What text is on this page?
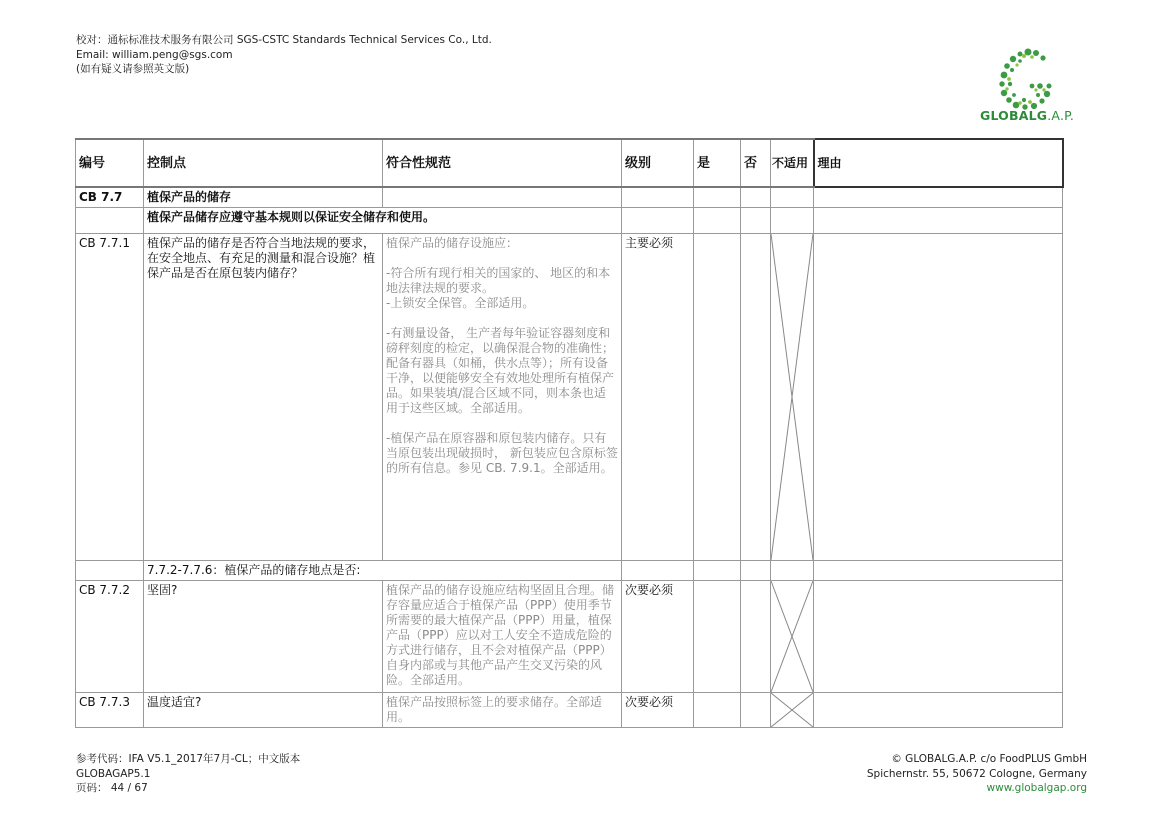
校对：通标标准技术服务有限公司 SGS-CSTC Standards Technical Services Co., Ltd.
Email: william.peng@sgs.com
(如有疑义请参照英文版)
GLOBALG.A.P.
编号	控制点	符合性规范	级别	是	否	不适用	理由
CB 7.7	植保产品的储存						
	植保产品储存应遵守基本规则以保证安全储存和使用。						
CB 7.7.1	植保产品的储存是否符合当地法规的要求，在安全地点、有充足的测量和混合设施？植保产品是否在原包装内储存？	植保产品的储存设施应：
-符合所有现行相关的国家的、 地区的和本地法律法规的要求。
-上锁安全保管。全部适用。
-有测量设备， 生产者每年验证容器刻度和磅秤刻度的检定，以确保混合物的准确性；配备有器具（如桶，供水点等）；所有设备干净，以便能够安全有效地处理所有植保产品。如果装填/混合区域不同，则本条也适用于这些区域。全部适用。
-植保产品在原容器和原包装内储存。只有当原包装出现破损时， 新包装应包含原标签的所有信息。参见 CB. 7.9.1。全部适用。	主要必须			

	7.7.2-7.7.6：植保产品的储存地点是否:						
CB 7.7.2	坚固?	植保产品的储存设施应结构坚固且合理。储存容量应适合于植保产品（PPP）使用季节所需要的最大植保产品（PPP）用量，植保产品（PPP）应以对工人安全不造成危险的方式进行储存，且不会对植保产品（PPP）自身内部或与其他产品产生交叉污染的风险。全部适用。	次要必须			

CB 7.7.3	温度适宜?	植保产品按照标签上的要求储存。全部适用。	次要必须			

参考代码：IFA V5.1_2017年7月-CL；中文版本
GLOBAGAP5.1
页码： 44 / 67
© GLOBALG.A.P. c/o FoodPLUS GmbH
Spichernstr. 55, 50672 Cologne, Germany
www.globalgap.org
